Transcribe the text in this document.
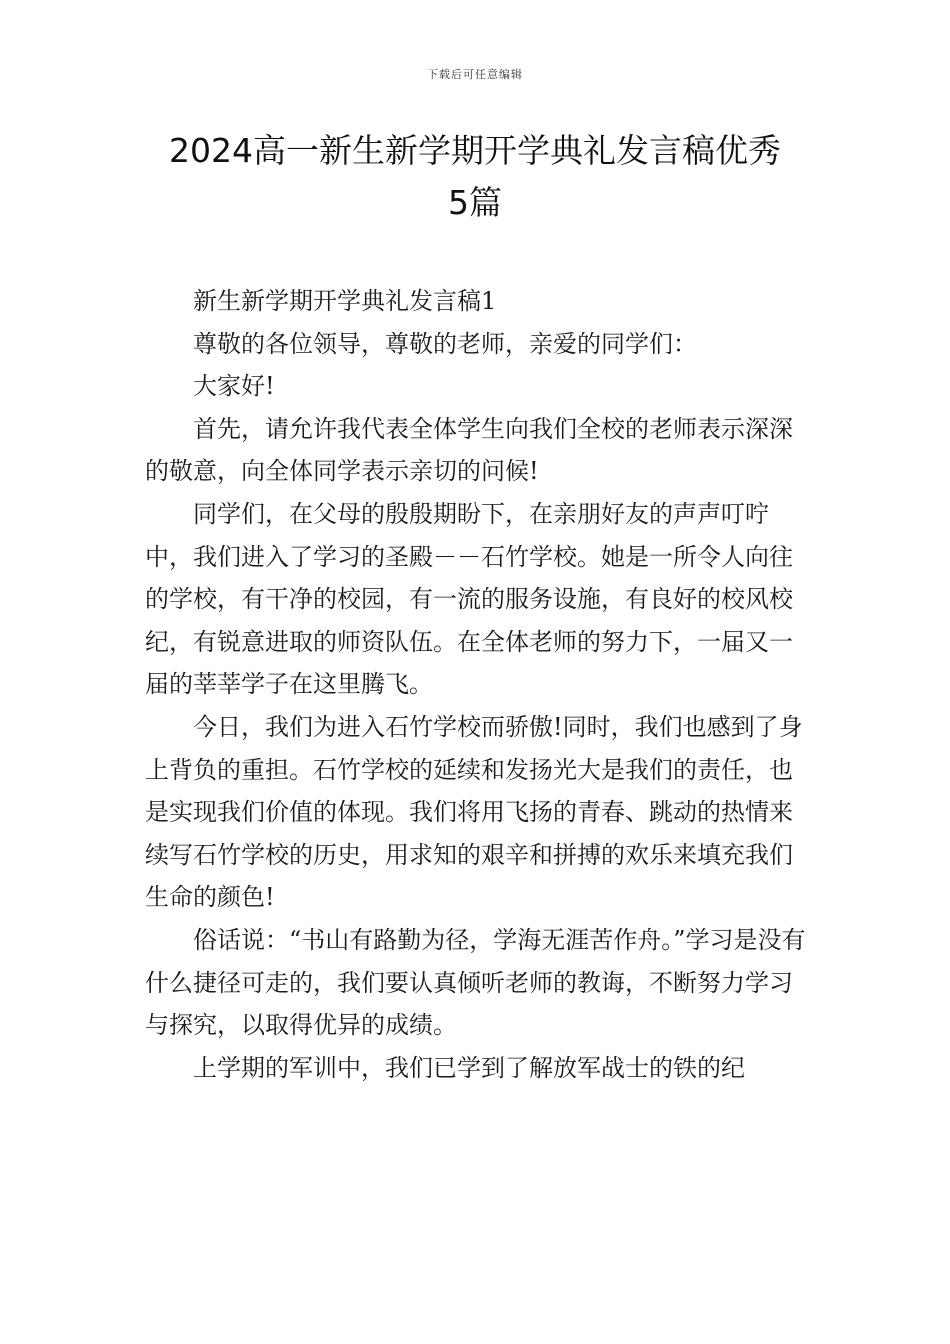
下载后可任意编辑
2024高一新生新学期开学典礼发言稿优秀
5篇

新生新学期开学典礼发言稿1

尊敬的各位领导，尊敬的老师，亲爱的同学们：

大家好!

首先，请允许我代表全体学生向我们全校的老师表示深深的敬意，向全体同学表示亲切的问候!

同学们，在父母的殷殷期盼下，在亲朋好友的声声叮咛中，我们进入了学习的圣殿－－石竹学校。她是一所令人向往的学校，有干净的校园，有一流的服务设施，有良好的校风校纪，有锐意进取的师资队伍。在全体老师的努力下，一届又一届的莘莘学子在这里腾飞。

今日，我们为进入石竹学校而骄傲!同时，我们也感到了身上背负的重担。石竹学校的延续和发扬光大是我们的责任，也是实现我们价值的体现。我们将用飞扬的青春、跳动的热情来续写石竹学校的历史，用求知的艰辛和拼搏的欢乐来填充我们生命的颜色!

俗话说：“书山有路勤为径，学海无涯苦作舟。”学习是没有什么捷径可走的，我们要认真倾听老师的教诲，不断努力学习与探究，以取得优异的成绩。

上学期的军训中，我们已学到了解放军战士的铁的纪
